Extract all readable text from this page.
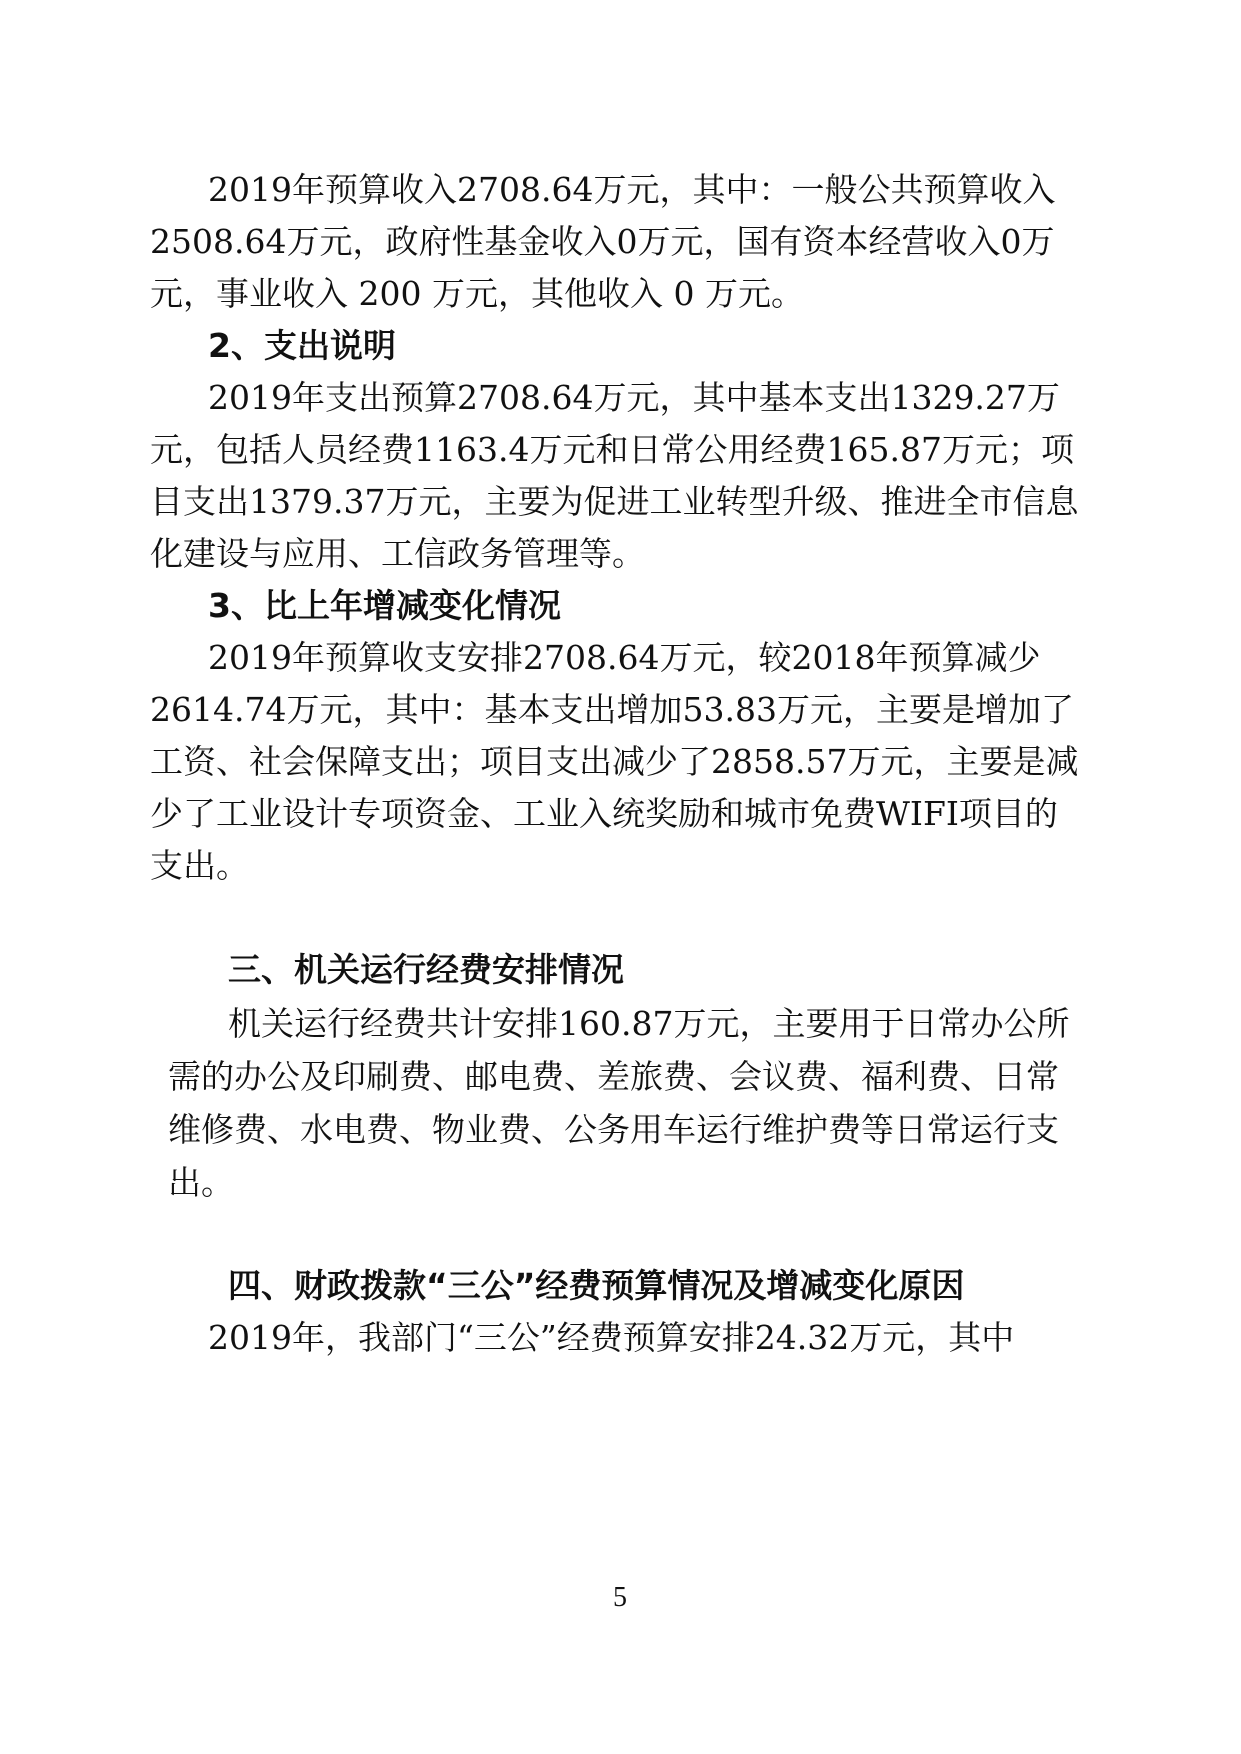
2019 年预算收入 2708.64 万元，其中：一般公共预算收入
2508.64 万元，政府性基金收入 0 万元，国有资本经营收入 0 万

元，事业收入 200 万元，其他收入 0 万元。

2、支出说明

2019 年支出预算 2708.64 万元，其中基本支出 1329.27 万
元，包括人员经费 1163.4 万元和日常公用经费 165.87 万元；项
目支出 1379.37 万元，主要为促进工业转型升级、推进全市信息

化建设与应用、工信政务管理等。

3、比上年增减变化情况

2019 年预算收支安排 2708.64 万元，较 2018 年预算减少
2614.74 万元，其中：基本支出增加 53.83 万元，主要是增加了
工资、社会保障支出；项目支出减少了 2858.57 万元，主要是减
少了工业设计专项资金、工业入统奖励和城市免费 WIFI 项目的

支出。

三、机关运行经费安排情况

机关运行经费共计安排160.87万元， 主要用于日常办公所
需的办公及印刷费、 邮电费、 差旅费、 会议费、 福利费、 日常
维修费、 水电费、 物业费、 公务用车运行维护费等日常运行支

出。

四、财政拨款“三公”经费预算情况及增减变化原因

2019 年，我部门“三公”经费预算安排 24.32 万元，其中
5
